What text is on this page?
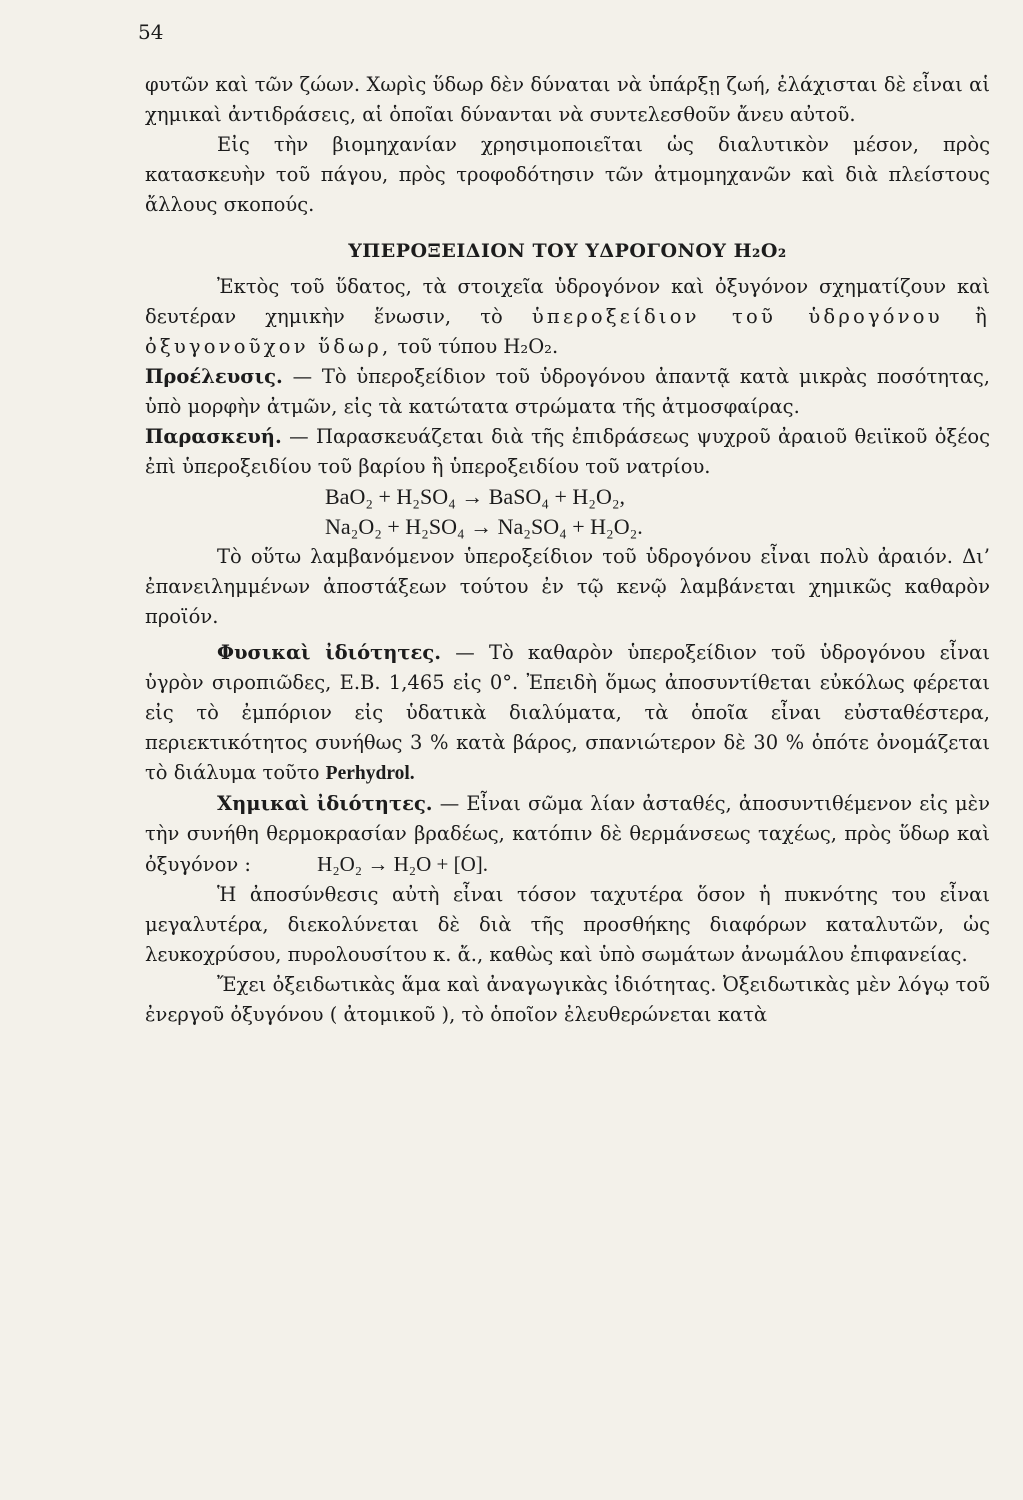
54

φυτῶν καὶ τῶν ζώων. Χωρὶς ὕδωρ δὲν δύναται νὰ ὑπάρξῃ ζωή, ἐλάχισται δὲ εἶναι αἱ χημικαὶ ἀντιδράσεις, αἱ ὁποῖαι δύνανται νὰ συντελεσθοῦν ἄνευ αὐτοῦ.

Εἰς τὴν βιομηχανίαν χρησιμοποιεῖται ὡς διαλυτικὸν μέσον, πρὸς κατασκευὴν τοῦ πάγου, πρὸς τροφοδότησιν τῶν ἀτμομηχανῶν καὶ διὰ πλείστους ἄλλους σκοπούς.

ΥΠΕΡΟΞΕΙΔΙΟΝ ΤΟΥ ΥΔΡΟΓΟΝΟΥ H₂O₂

Ἐκτὸς τοῦ ὕδατος, τὰ στοιχεῖα ὑδρογόνον καὶ ὀξυγόνον σχηματίζουν καὶ δευτέραν χημικὴν ἕνωσιν, τὸ ὑπεροξείδιον τοῦ ὑδρογόνου ἢ ὀξυγονοῦχον ὕδωρ, τοῦ τύπου H₂O₂.

Προέλευσις. — Τὸ ὑπεροξείδιον τοῦ ὑδρογόνου ἀπαντᾷ κατὰ μικρὰς ποσότητας, ὑπὸ μορφὴν ἀτμῶν, εἰς τὰ κατώτατα στρώματα τῆς ἀτμοσφαίρας.

Παρασκευή. — Παρασκευάζεται διὰ τῆς ἐπιδράσεως ψυχροῦ ἀραιοῦ θειϊκοῦ ὀξέος ἐπὶ ὑπεροξειδίου τοῦ βαρίου ἢ ὑπεροξειδίου τοῦ νατρίου.

BaO₂ + H₂SO₄ → BaSO₄ + H₂O₂,
Na₂O₂ + H₂SO₄ → Na₂SO₄ + H₂O₂.

Τὸ οὕτω λαμβανόμενον ὑπεροξείδιον τοῦ ὑδρογόνου εἶναι πολὺ ἀραιόν. Δι’ ἐπανειλημμένων ἀποστάξεων τούτου ἐν τῷ κενῷ λαμβάνεται χημικῶς καθαρὸν προϊόν.

Φυσικαὶ ἰδιότητες. — Τὸ καθαρὸν ὑπεροξείδιον τοῦ ὑδρογόνου εἶναι ὑγρὸν σιροπιῶδες, Ε.Β. 1,465 εἰς 0°. Ἐπειδὴ ὅμως ἀποσυντίθεται εὐκόλως φέρεται εἰς τὸ ἐμπόριον εἰς ὑδατικὰ διαλύματα, τὰ ὁποῖα εἶναι εὐσταθέστερα, περιεκτικότητος συνήθως 3 % κατὰ βάρος, σπανιώτερον δὲ 30 % ὁπότε ὀνομάζεται τὸ διάλυμα τοῦτο Perhydrol.

Χημικαὶ ἰδιότητες. — Εἶναι σῶμα λίαν ἀσταθές, ἀποσυντιθέμενον εἰς μὲν τὴν συνήθη θερμοκρασίαν βραδέως, κατόπιν δὲ θερμάνσεως ταχέως, πρὸς ὕδωρ καὶ ὀξυγόνον :	H₂O₂ → H₂O + [O].

Ἡ ἀποσύνθεσις αὐτὴ εἶναι τόσον ταχυτέρα ὅσον ἡ πυκνότης του εἶναι μεγαλυτέρα, διεκολύνεται δὲ διὰ τῆς προσθήκης διαφόρων καταλυτῶν, ὡς λευκοχρύσου, πυρολουσίτου κ. ἄ., καθὼς καὶ ὑπὸ σωμάτων ἀνωμάλου ἐπιφανείας.

Ἔχει ὀξειδωτικὰς ἅμα καὶ ἀναγωγικὰς ἰδιότητας. Ὀξειδωτικὰς μὲν λόγῳ τοῦ ἐνεργοῦ ὀξυγόνου ( ἀτομικοῦ ), τὸ ὁποῖον ἐλευθερώνεται κατὰ
